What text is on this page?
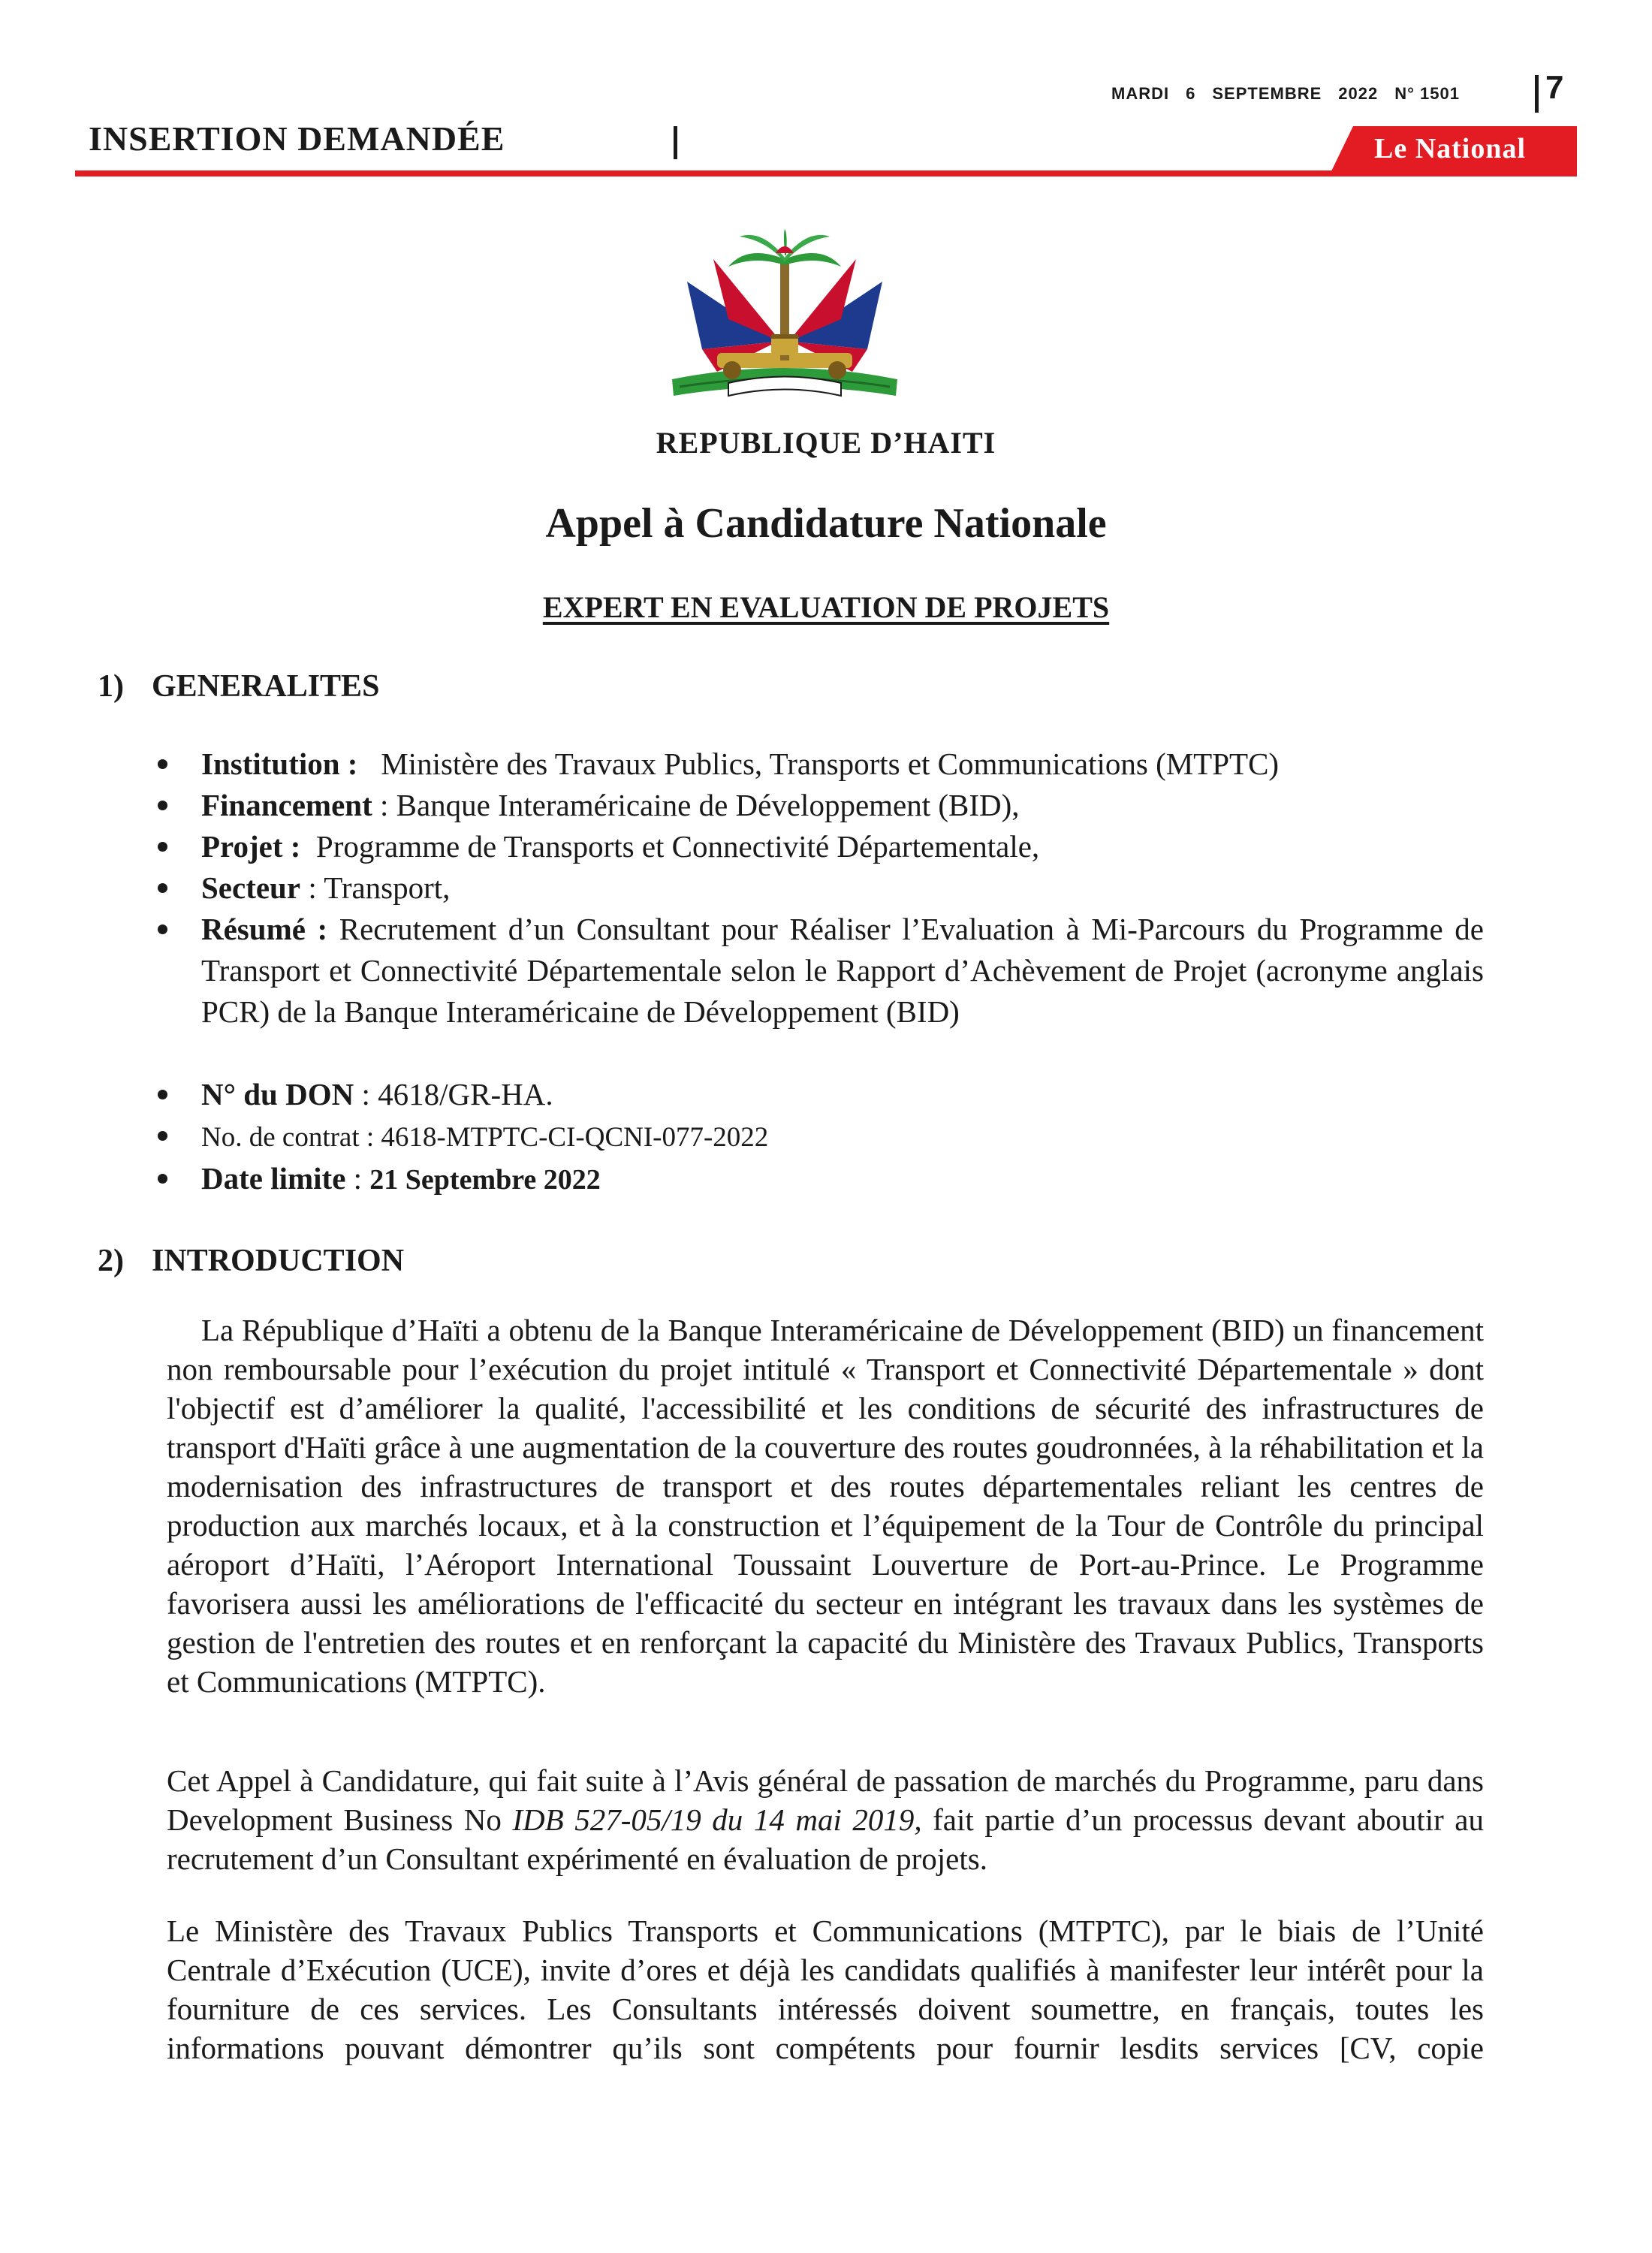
MARDI 6 SEPTEMBRE 2022 N° 1501	7
INSERTION DEMANDÉE	Le National
REPUBLIQUE D’HAITI
Appel à Candidature Nationale
EXPERT EN EVALUATION DE PROJETS
1) GENERALITES
Institution : Ministère des Travaux Publics, Transports et Communications (MTPTC)
Financement : Banque Interaméricaine de Développement (BID),
Projet : Programme de Transports et Connectivité Départementale,
Secteur : Transport,
Résumé : Recrutement d’un Consultant pour Réaliser l’Evaluation à Mi-Parcours du Programme de Transport et Connectivité Départementale selon le Rapport d’Achèvement de Projet (acronyme anglais PCR) de la Banque Interaméricaine de Développement (BID)
N° du DON : 4618/GR-HA.
No. de contrat : 4618-MTPTC-CI-QCNI-077-2022
Date limite : 21 Septembre 2022
2) INTRODUCTION

La République d’Haïti a obtenu de la Banque Interaméricaine de Développement (BID) un financement non remboursable pour l’exécution du projet intitulé « Transport et Connectivité Départementale » dont l'objectif est d’améliorer la qualité, l'accessibilité et les conditions de sécurité des infrastructures de transport d'Haïti grâce à une augmentation de la couverture des routes goudronnées, à la réhabilitation et la modernisation des infrastructures de transport et des routes départementales reliant les centres de production aux marchés locaux, et à la construction et l’équipement de la Tour de Contrôle du principal aéroport d’Haïti, l’Aéroport International Toussaint Louverture de Port-au-Prince. Le Programme favorisera aussi les améliorations de l'efficacité du secteur en intégrant les travaux dans les systèmes de gestion de l'entretien des routes et en renforçant la capacité du Ministère des Travaux Publics, Transports et Communications (MTPTC).

Cet Appel à Candidature, qui fait suite à l’Avis général de passation de marchés du Programme, paru dans Development Business No IDB 527-05/19 du 14 mai 2019, fait partie d’un processus devant aboutir au recrutement d’un Consultant expérimenté en évaluation de projets.

Le Ministère des Travaux Publics Transports et Communications (MTPTC), par le biais de l’Unité Centrale d’Exécution (UCE), invite d’ores et déjà les candidats qualifiés à manifester leur intérêt pour la fourniture de ces services. Les Consultants intéressés doivent soumettre, en français, toutes les informations pouvant démontrer qu’ils sont compétents pour fournir lesdits services [CV, copie
